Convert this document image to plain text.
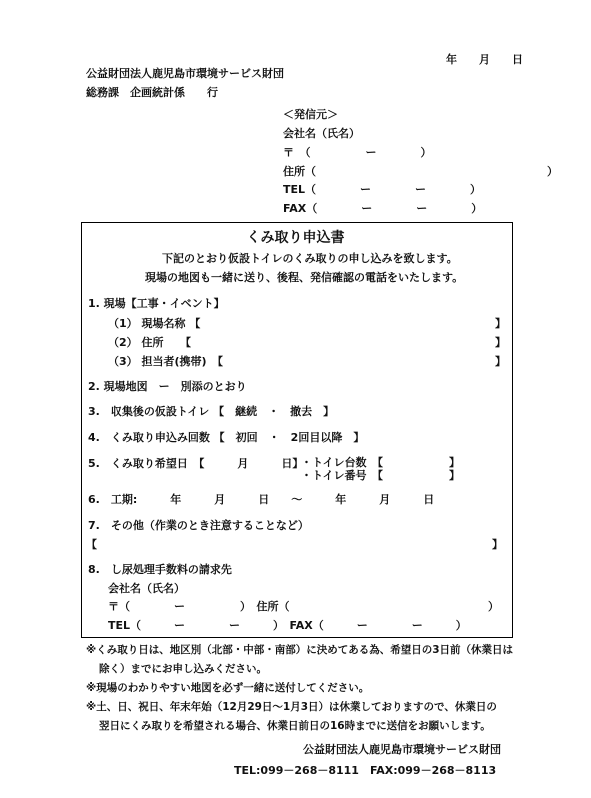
年　　月　　日
公益財団法人鹿児島市環境サービス財団
総務課　企画統計係　　行
＜発信元＞
会社名（氏名）
〒　（　　　　　ー　　　　）
住所（　　　　　　　　　　　　　　　　　　　　　）
TEL（　　　　ー　　　　ー　　　　）
FAX（　　　　ー　　　　ー　　　　）
くみ取り申込書
下記のとおり仮設トイレのくみ取りの申し込みを致します。
現場の地図も一緒に送り、後程、発信確認の電話をいたします。
1. 現場【工事・イベント】
（1） 現場名称 【	】
（2） 住所　　【	】
（3） 担当者(携帯)　【	】
2. 現場地図　ー　別添のとおり
3.　収集後の仮設トイレ 【　継続　・　撤去　】
4.　くみ取り申込み回数 【　初回　・　2回目以降　】
5.　くみ取り希望日　【　　　月　　　日】
・トイレ台数　【　　　　　　】
・トイレ番号　【　　　　　　】
6.　工期:　　　年　　　月　　　日　　～　　　年　　　月　　　日
7.　その他（作業のとき注意することなど）
【	】
8.　し尿処理手数料の請求先
会社名（氏名）
〒（　　　　ー　　　　　）　住所（	）
TEL（　　　ー　　　　ー　　　）　FAX（　　　ー　　　　ー　　　）
※くみ取り日は、地区別（北部・中部・南部）に決めてある為、希望日の3日前（休業日は
除く）までにお申し込みください。
※現場のわかりやすい地図を必ず一緒に送付してください。
※土、日、祝日、年末年始（12月29日～1月3日）は休業しておりますので、休業日の
翌日にくみ取りを希望される場合、休業日前日の16時までに送信をお願いします。
公益財団法人鹿児島市環境サービス財団
TEL:099－268－8111　FAX:099－268－8113
